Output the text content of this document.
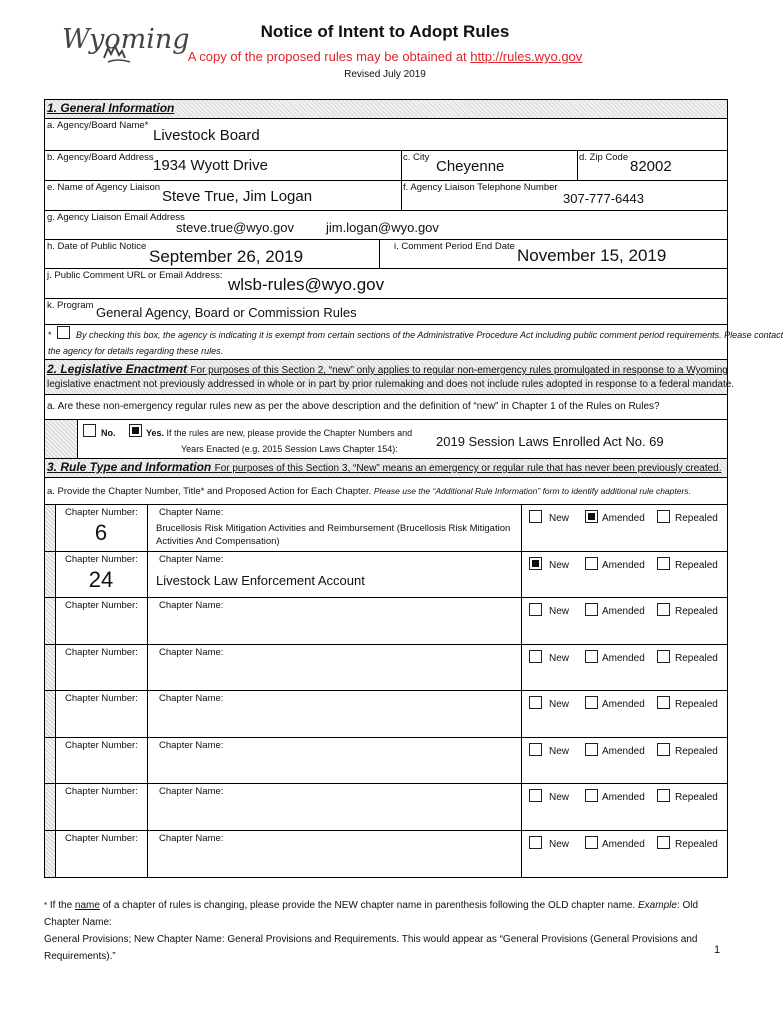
Wyoming	Notice of Intent to Adopt Rules
A copy of the proposed rules may be obtained at http://rules.wyo.gov
Revised July 2019
1. General Information
a. Agency/Board Name*
Livestock Board
b. Agency/Board Address 1934 Wyott Drive	c. City
Cheyenne
d. Zip Code
82002
e. Name of Agency Liaison
Steve True, Jim Logan
f. Agency Liaison Telephone Number
307-777-6443
g. Agency Liaison Email Address
steve.true@wyo.gov jim.logan@wyo.gov
h. Date of Public Notice
September 26, 2019
i. Comment Period End Date November 15, 2019
j. Public Comment URL or Email Address: wlsb-rules@wyo.gov
k. Program General Agency, Board or Commission Rules
*	By checking this box, the agency is indicating it is exempt from certain sections of the Administrative Procedure Act including public comment period requirements. Please contact
the agency for details regarding these rules.
2. Legislative Enactment For purposes of this Section 2, “new” only applies to regular non-emergency rules promulgated in response to a Wyoming
legislative enactment not previously addressed in whole or in part by prior rulemaking and does not include rules adopted in response to a federal mandate.
a. Are these non-emergency regular rules new as per the above description and the definition of “new” in Chapter 1 of the Rules on Rules?
No.	Yes. If the rules are new, please provide the Chapter Numbers and
Years Enacted (e.g. 2015 Session Laws Chapter 154):	2019 Session Laws Enrolled Act No. 69
3. Rule Type and Information For purposes of this Section 3, “New” means an emergency or regular rule that has never been previously created.
a. Provide the Chapter Number, Title* and Proposed Action for Each Chapter. Please use the “Additional Rule Information” form to identify additional rule chapters.
Chapter Number:
6
Chapter Name:
Brucellosis Risk Mitigation Activities and Reimbursement (Brucellosis Risk Mitigation Activities And Compensation)
New	Amended	Repealed
Chapter Number:
24
Chapter Name:
Livestock Law Enforcement Account
New	Amended	Repealed
Chapter Number: Chapter Name:
New	Amended	Repealed
Chapter Number: Chapter Name:
New	Amended	Repealed
Chapter Number: Chapter Name:
New	Amended	Repealed
Chapter Number: Chapter Name:
New	Amended	Repealed
Chapter Number: Chapter Name:
New	Amended	Repealed
Chapter Number: Chapter Name:
New	Amended	Repealed
* If the name of a chapter of rules is changing, please provide the NEW chapter name in parenthesis following the OLD chapter name. Example: Old Chapter Name:
General Provisions; New Chapter Name: General Provisions and Requirements. This would appear as “General Provisions (General Provisions and Requirements).”
1
